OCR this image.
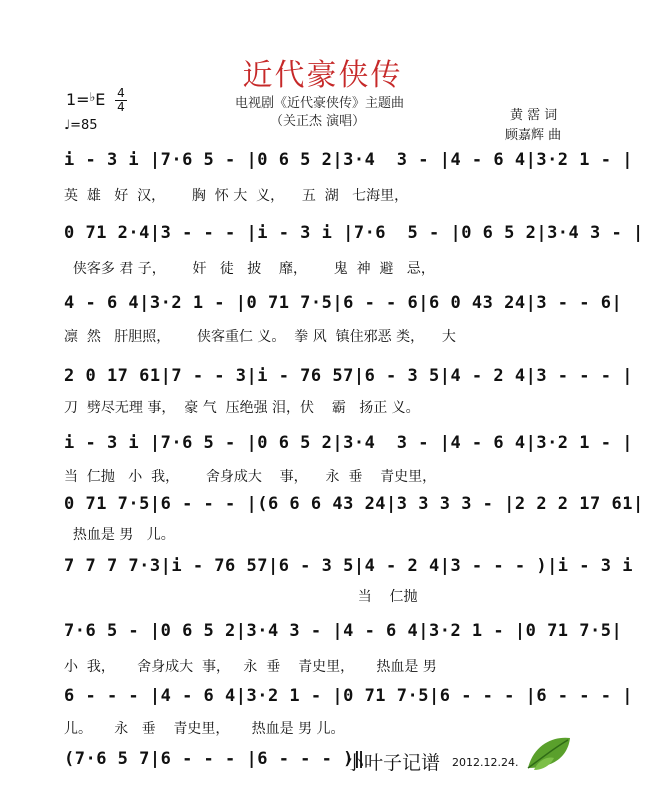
近代豪侠传
电视剧《近代豪侠传》主题曲
（关正杰 演唱）
1=♭E 4
4
♩=85
黄 霑 词
顾嘉辉 曲
i - 3 i |7·6 5 - |0 6 5 2|3·4  3 - |4 - 6 4|3·2 1 - |
英  雄   好  汉，      胸  怀 大  义，    五  湖   七海里，
0 71 2·4|3 - - - |i - 3 i |7·6  5 - |0 6 5 2|3·4 3 - |
侠客多 君 子，      奸   徒   披    靡，      鬼  神  避   忌，
4 - 6 4|3·2 1 - |0 71 7·5|6 - - 6|6 0 43 24|3 - - 6|
凛  然   肝胆照，      侠客重仁 义。  拳 风  镇住邪恶 类，    大
2 0 17 61|7 - - 3|i - 76 57|6 - 3 5|4 - 2 4|3 - - - |
刀  劈尽无理 事，  豪 气  压绝强 泪，伏    霸   扬正 义。
i - 3 i |7·6 5 - |0 6 5 2|3·4  3 - |4 - 6 4|3·2 1 - |
当  仁抛   小  我，      舍身成大    事，    永  垂    青史里，
0 71 7·5|6 - - - |(6 6 6 43 24|3 3 3 3 - |2 2 2 17 61|
热血是 男   儿。
7 7 7 7·3|i - 76 57|6 - 3 5|4 - 2 4|3 - - - )|i - 3 i
当    仁抛
7·6 5 - |0 6 5 2|3·4 3 - |4 - 6 4|3·2 1 - |0 71 7·5|
小  我，     舍身成大  事，   永  垂    青史里，     热血是 男
6 - - - |4 - 6 4|3·2 1 - |0 71 7·5|6 - - - |6 - - - |
儿。     永   垂    青史里，     热血是 男 儿。
(7·6 5 7|6 - - - |6 - - - )‖
小叶子记谱 2012.12.24.
